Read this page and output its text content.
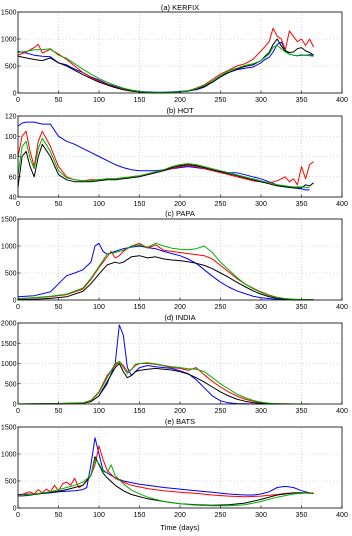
(a) KERFIX
0	50	100	150	200	250	300	350	400
0
500
1000
1500
(b) HOT
0	50	100	150	200	250	300	350	400
40
60
80
100
120
(c) PAPA
0	50	100	150	200	250	300	350	400
0
500
1000
1500
(d) INDIA
0	50	100	150	200	250	300	350	400
0
500
1000
1500
2000
(e) BATS
0	50	100	150	200	250	300	350	400
0
500
1000
1500
Time (days)
